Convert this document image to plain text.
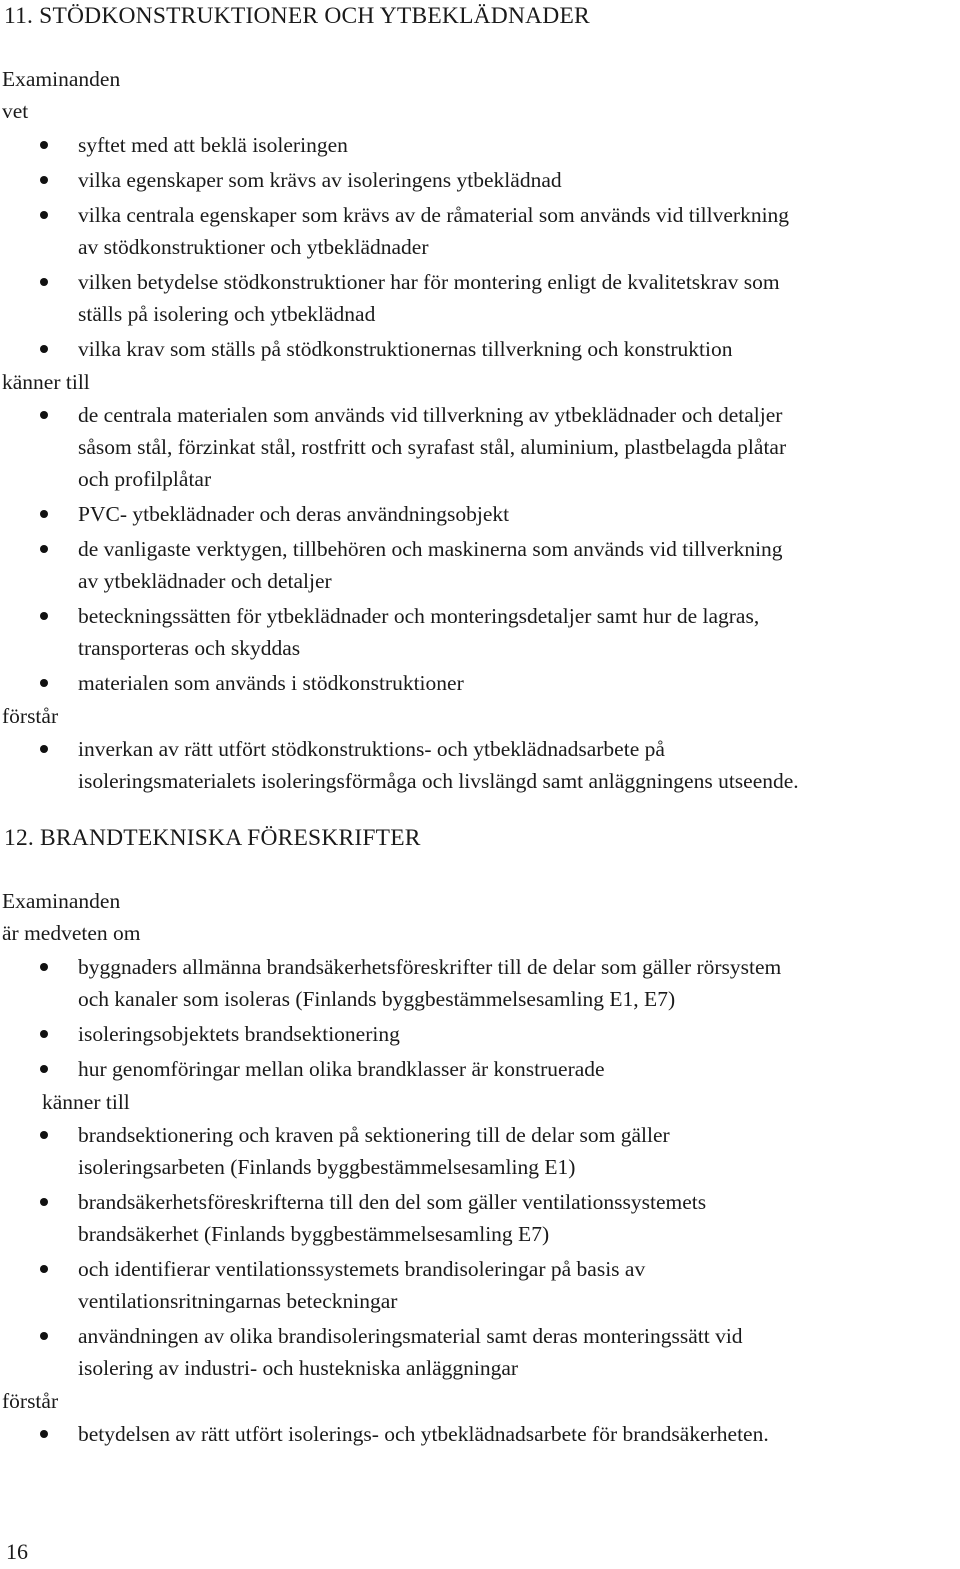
11. STÖDKONSTRUKTIONER OCH YTBEKLÄDNADER
Examinanden
vet
syftet med att beklä isoleringen
vilka egenskaper som krävs av isoleringens ytbeklädnad
vilka centrala egenskaper som krävs av de råmaterial som används vid tillverkning
av stödkonstruktioner och ytbeklädnader
vilken betydelse stödkonstruktioner har för montering enligt de kvalitetskrav som
ställs på isolering och ytbeklädnad
vilka krav som ställs på stödkonstruktionernas tillverkning och konstruktion
känner till
de centrala materialen som används vid tillverkning av ytbeklädnader och detaljer
såsom stål, förzinkat stål, rostfritt och syrafast stål, aluminium, plastbelagda plåtar
och profilplåtar
PVC- ytbeklädnader och deras användningsobjekt
de vanligaste verktygen, tillbehören och maskinerna som används vid tillverkning
av ytbeklädnader och detaljer
beteckningssätten för ytbeklädnader och monteringsdetaljer samt hur de lagras,
transporteras och skyddas
materialen som används i stödkonstruktioner
förstår
inverkan av rätt utfört stödkonstruktions- och ytbeklädnadsarbete på
isoleringsmaterialets isoleringsförmåga och livslängd samt anläggningens utseende.
12. BRANDTEKNISKA FÖRESKRIFTER
Examinanden
är medveten om
byggnaders allmänna brandsäkerhetsföreskrifter till de delar som gäller rörsystem
och kanaler som isoleras (Finlands byggbestämmelsesamling E1, E7)
isoleringsobjektets brandsektionering
hur genomföringar mellan olika brandklasser är konstruerade
känner till
brandsektionering och kraven på sektionering till de delar som gäller
isoleringsarbeten (Finlands byggbestämmelsesamling E1)
brandsäkerhetsföreskrifterna till den del som gäller ventilationssystemets
brandsäkerhet (Finlands byggbestämmelsesamling E7)
och identifierar ventilationssystemets brandisoleringar på basis av
ventilationsritningarnas beteckningar
användningen av olika brandisoleringsmaterial samt deras monteringssätt vid
isolering av industri- och hustekniska anläggningar
förstår
betydelsen av rätt utfört isolerings- och ytbeklädnadsarbete för brandsäkerheten.
16
